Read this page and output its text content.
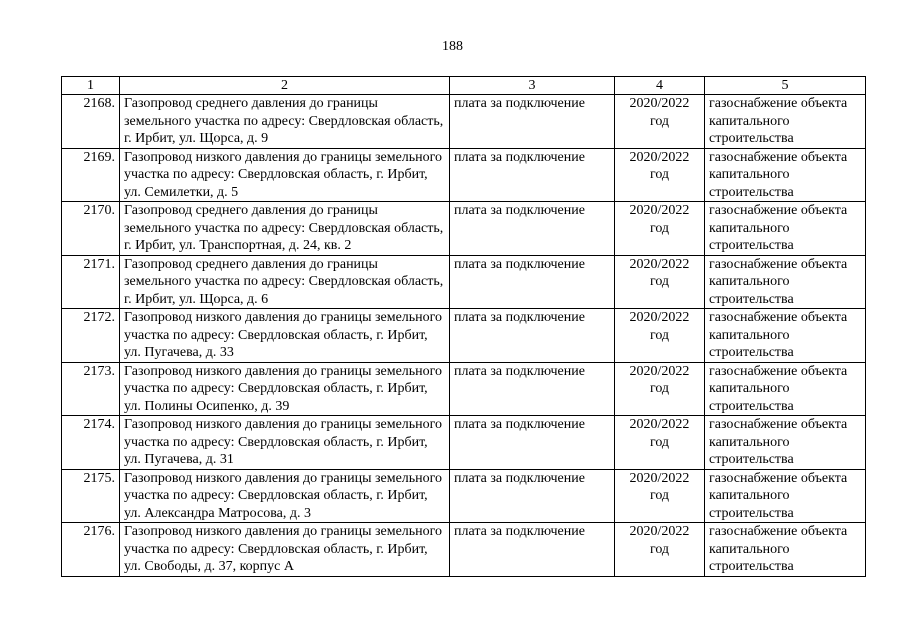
188
1	2	3	4	5
2168.	Газопровод среднего давления до границы земельного участка по адресу: Свердловская область, г. Ирбит, ул. Щорса, д. 9	плата за подключение	2020/2022 год	газоснабжение объекта капитального строительства
2169.	Газопровод низкого давления до границы земельного участка по адресу: Свердловская область, г. Ирбит, ул. Семилетки, д. 5	плата за подключение	2020/2022 год	газоснабжение объекта капитального строительства
2170.	Газопровод среднего давления до границы земельного участка по адресу: Свердловская область, г. Ирбит, ул. Транспортная, д. 24, кв. 2	плата за подключение	2020/2022 год	газоснабжение объекта капитального строительства
2171.	Газопровод среднего давления до границы земельного участка по адресу: Свердловская область, г. Ирбит, ул. Щорса, д. 6	плата за подключение	2020/2022 год	газоснабжение объекта капитального строительства
2172.	Газопровод низкого давления до границы земельного участка по адресу: Свердловская область, г. Ирбит, ул. Пугачева, д. 33	плата за подключение	2020/2022 год	газоснабжение объекта капитального строительства
2173.	Газопровод низкого давления до границы земельного участка по адресу: Свердловская область, г. Ирбит, ул. Полины Осипенко, д. 39	плата за подключение	2020/2022 год	газоснабжение объекта капитального строительства
2174.	Газопровод низкого давления до границы земельного участка по адресу: Свердловская область, г. Ирбит, ул. Пугачева, д. 31	плата за подключение	2020/2022 год	газоснабжение объекта капитального строительства
2175.	Газопровод низкого давления до границы земельного участка по адресу: Свердловская область, г. Ирбит, ул. Александра Матросова, д. 3	плата за подключение	2020/2022 год	газоснабжение объекта капитального строительства
2176.	Газопровод низкого давления до границы земельного участка по адресу: Свердловская область, г. Ирбит, ул. Свободы, д. 37, корпус А	плата за подключение	2020/2022 год	газоснабжение объекта капитального строительства
